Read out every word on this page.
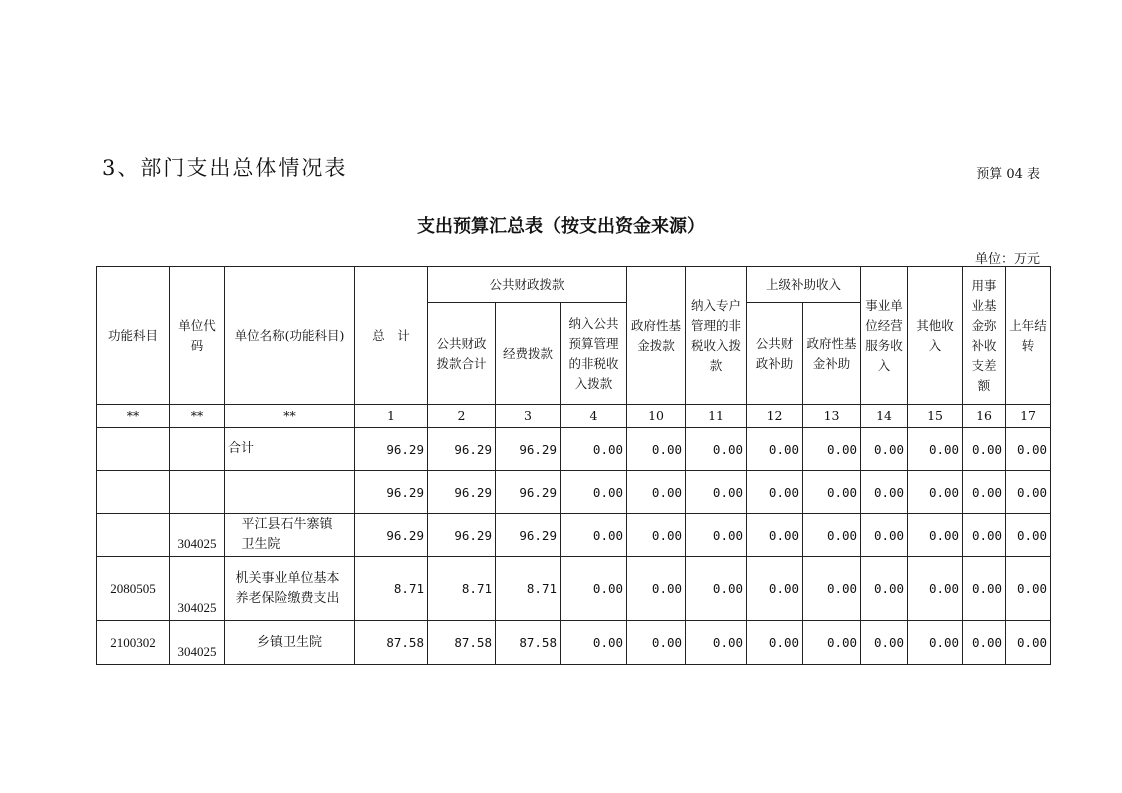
3、部门支出总体情况表	预算 04 表
支出预算汇总表（按支出资金来源）
单位：万元
功能科目	单位代码	单位名称(功能科目)	总　计	公共财政拨款			政府性基金拨款	纳入专户管理的非税收入拨款	上级补助收入		事业单位经营服务收入	其他收入	用事业基金弥补收支差额	上年结转
				公共财政拨款合计	经费拨款	纳入公共预算管理的非税收入拨款			公共财政补助	政府性基金补助				
**	**	**	1	2	3	4	10	11	12	13	14	15	16	17
		合计	96.29	96.29	96.29	0.00	0.00	0.00	0.00	0.00	0.00	0.00	0.00	0.00
			96.29	96.29	96.29	0.00	0.00	0.00	0.00	0.00	0.00	0.00	0.00	0.00
	304025	平江县石牛寨镇卫生院	96.29	96.29	96.29	0.00	0.00	0.00	0.00	0.00	0.00	0.00	0.00	0.00
2080505	304025	机关事业单位基本养老保险缴费支出	8.71	8.71	8.71	0.00	0.00	0.00	0.00	0.00	0.00	0.00	0.00	0.00
2100302	304025	乡镇卫生院	87.58	87.58	87.58	0.00	0.00	0.00	0.00	0.00	0.00	0.00	0.00	0.00
